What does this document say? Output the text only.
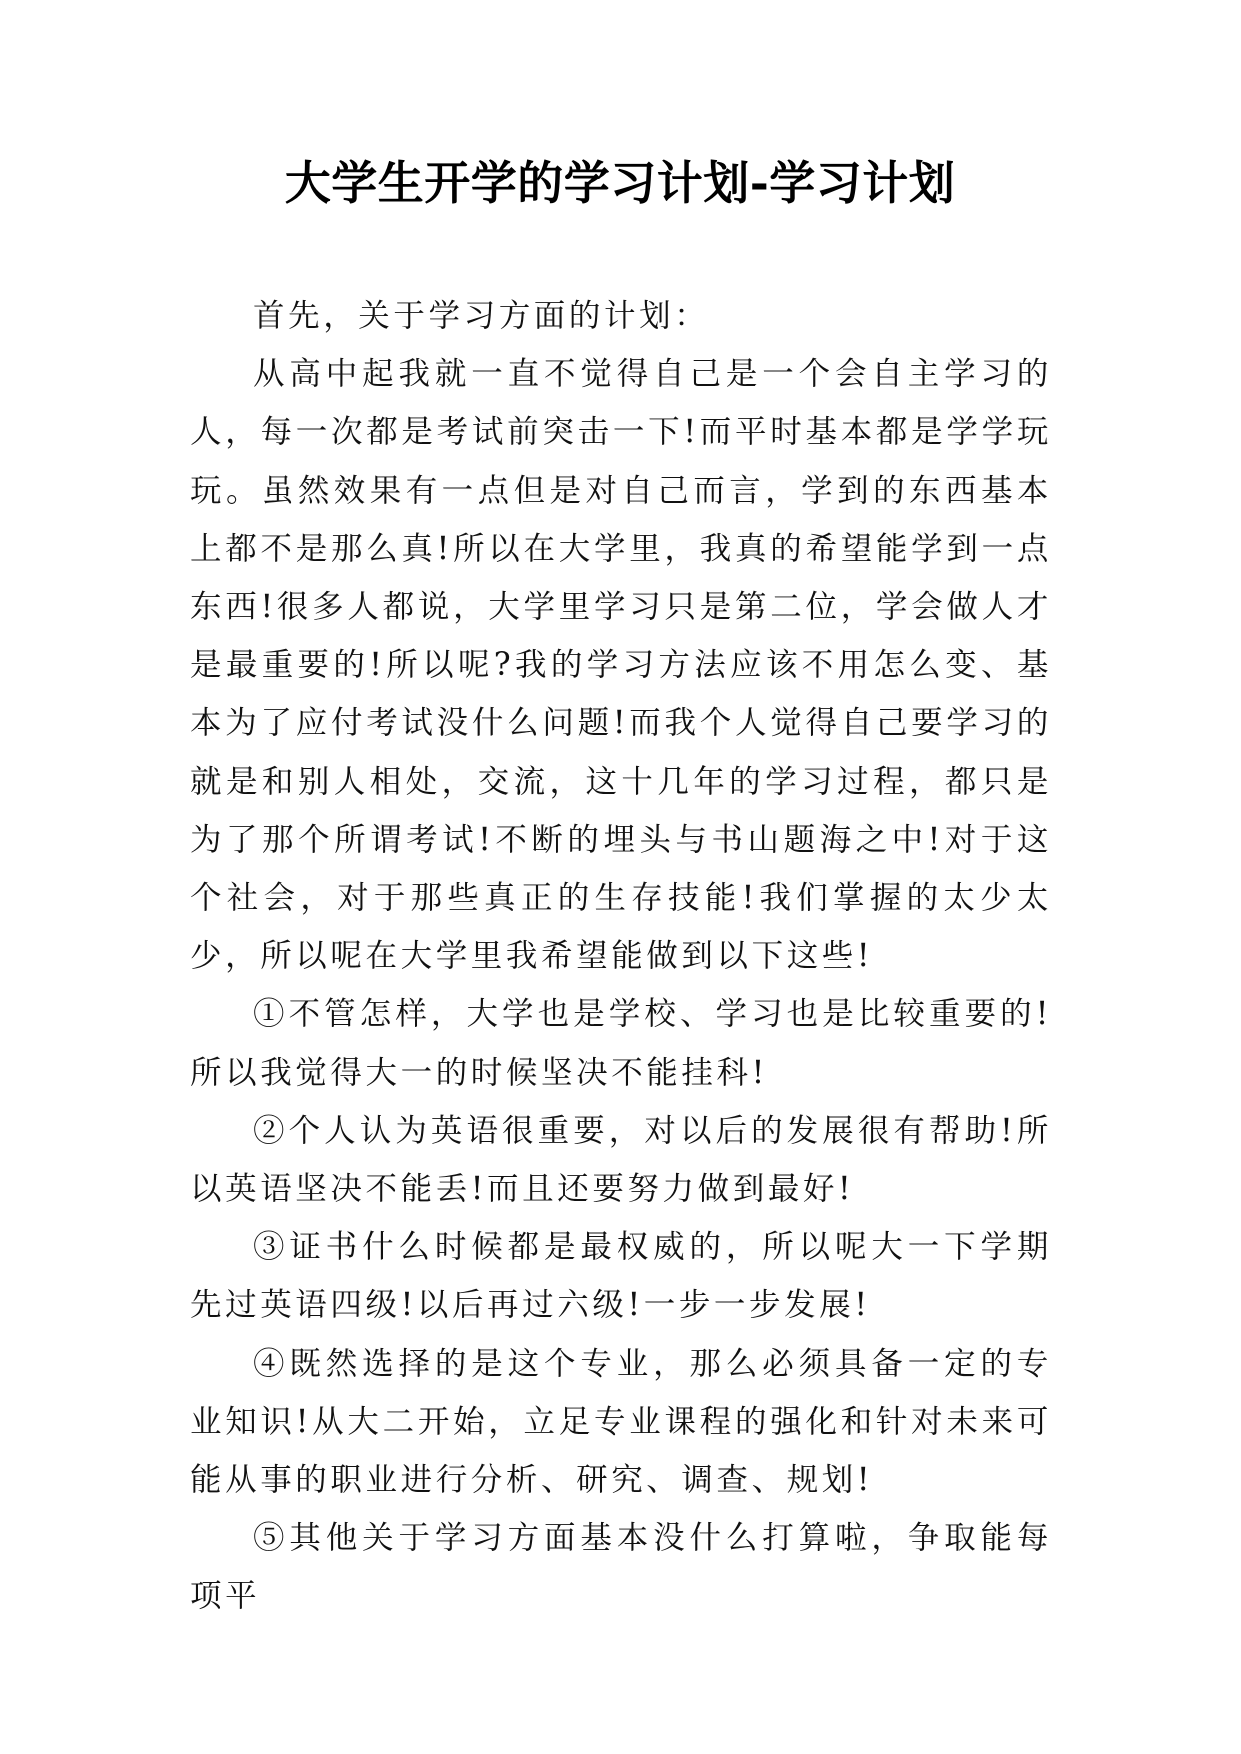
大学生开学的学习计划-学习计划

首先，关于学习方面的计划：

从高中起我就一直不觉得自己是一个会自主学习的人，每一次都是考试前突击一下!而平时基本都是学学玩玩。虽然效果有一点但是对自己而言，学到的东西基本上都不是那么真!所以在大学里，我真的希望能学到一点东西!很多人都说，大学里学习只是第二位，学会做人才是最重要的!所以呢?我的学习方法应该不用怎么变、基本为了应付考试没什么问题!而我个人觉得自己要学习的就是和别人相处，交流，这十几年的学习过程，都只是为了那个所谓考试!不断的埋头与书山题海之中!对于这个社会，对于那些真正的生存技能!我们掌握的太少太少，所以呢在大学里我希望能做到以下这些!

①不管怎样，大学也是学校、学习也是比较重要的!所以我觉得大一的时候坚决不能挂科!

②个人认为英语很重要，对以后的发展很有帮助!所以英语坚决不能丢!而且还要努力做到最好!

③证书什么时候都是最权威的，所以呢大一下学期先过英语四级!以后再过六级!一步一步发展!

④既然选择的是这个专业，那么必须具备一定的专业知识!从大二开始，立足专业课程的强化和针对未来可能从事的职业进行分析、研究、调查、规划!

⑤其他关于学习方面基本没什么打算啦，争取能每项平
